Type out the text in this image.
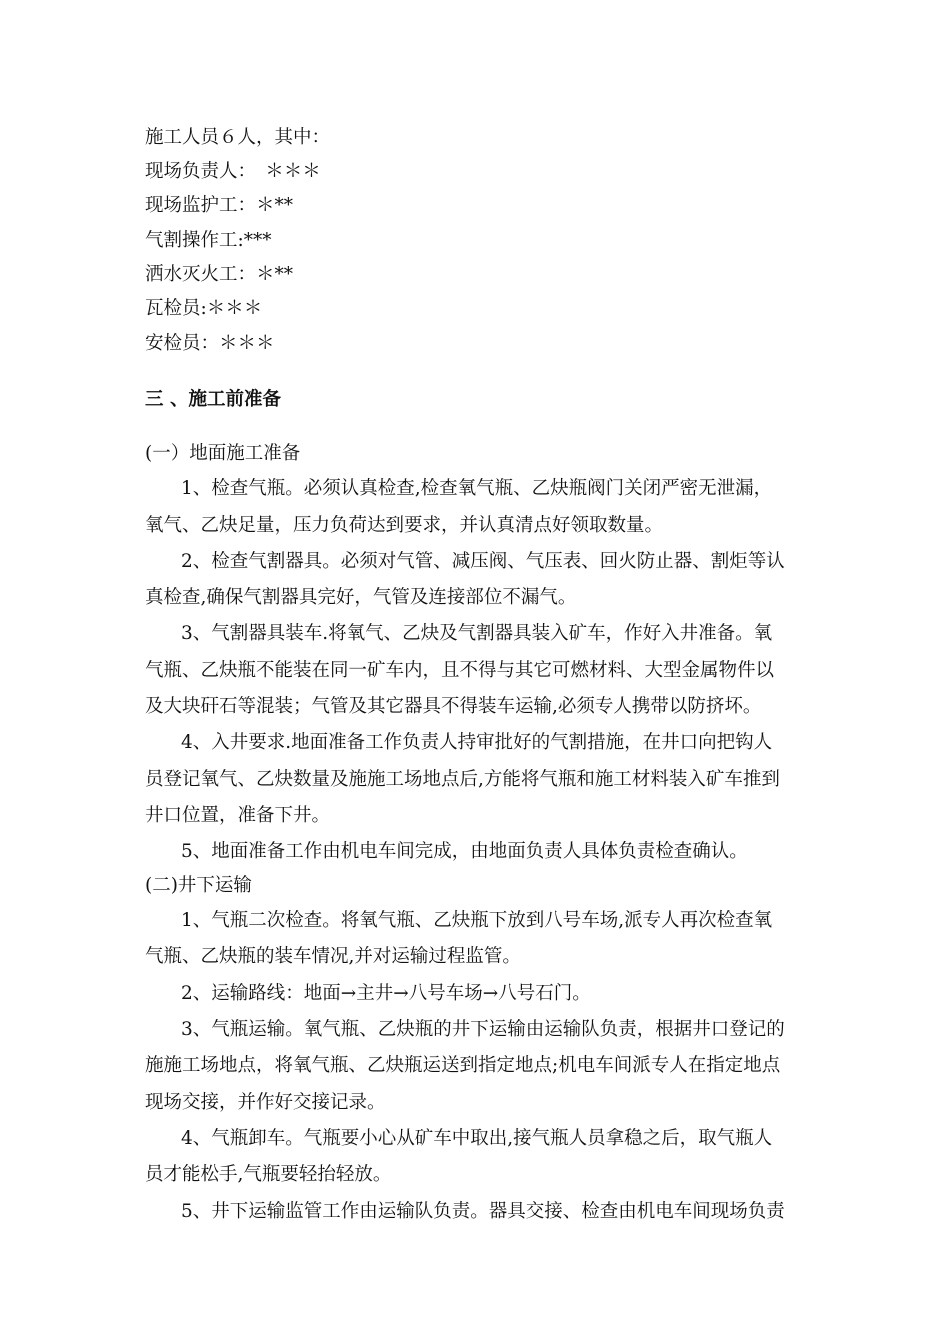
施工人员６人，其中：
现场负责人：　＊＊＊
现场监护工：＊**
气割操作工:***
洒水灭火工：＊**
瓦检员:＊＊＊
安检员：＊＊＊
三 、施工前准备
(一）地面施工准备
1、检查气瓶。必须认真检查,检查氧气瓶、乙炔瓶阀门关闭严密无泄漏，
氧气、乙炔足量，压力负荷达到要求，并认真清点好领取数量。
2、检查气割器具。必须对气管、减压阀、气压表、回火防止器、割炬等认
真检查,确保气割器具完好，气管及连接部位不漏气。
3、气割器具装车.将氧气、乙炔及气割器具装入矿车，作好入井准备。氧
气瓶、乙炔瓶不能装在同一矿车内，且不得与其它可燃材料、大型金属物件以
及大块矸石等混装；气管及其它器具不得装车运输,必须专人携带以防挤坏。
4、入井要求.地面准备工作负责人持审批好的气割措施，在井口向把钩人
员登记氧气、乙炔数量及施施工场地点后,方能将气瓶和施工材料装入矿车推到
井口位置，准备下井。
5、地面准备工作由机电车间完成，由地面负责人具体负责检查确认。
(二)井下运输
1、气瓶二次检查。将氧气瓶、乙炔瓶下放到八号车场,派专人再次检查氧
气瓶、乙炔瓶的装车情况,并对运输过程监管。
2、运输路线：地面→主井→八号车场→八号石门。
3、气瓶运输。氧气瓶、乙炔瓶的井下运输由运输队负责，根据井口登记的
施施工场地点，将氧气瓶、乙炔瓶运送到指定地点;机电车间派专人在指定地点
现场交接，并作好交接记录。
4、气瓶卸车。气瓶要小心从矿车中取出,接气瓶人员拿稳之后，取气瓶人
员才能松手,气瓶要轻抬轻放。
5、井下运输监管工作由运输队负责。器具交接、检查由机电车间现场负责
